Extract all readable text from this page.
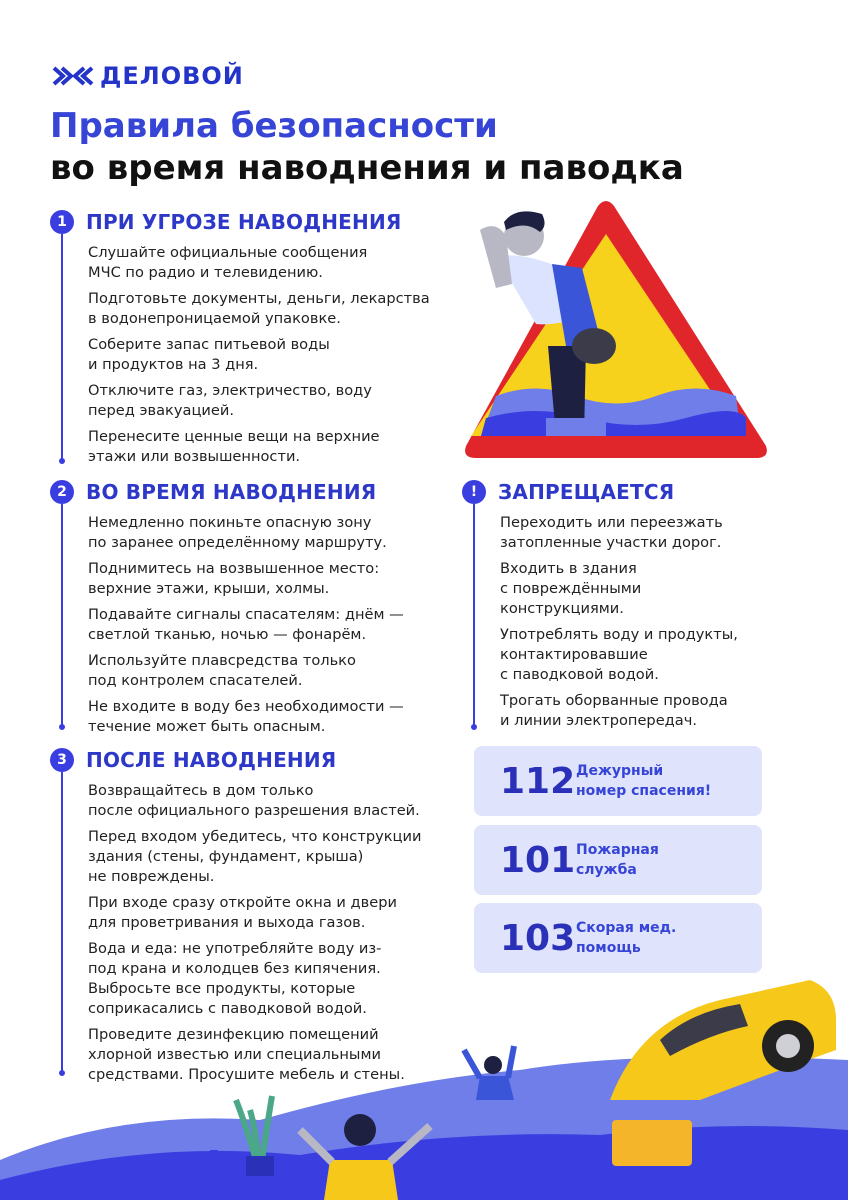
ДЕЛОВОЙ
Правила безопасности
во время наводнения и паводка
1 ПРИ УГРОЗЕ НАВОДНЕНИЯ
Слушайте официальные сообщения
МЧС по радио и телевидению.
Подготовьте документы, деньги, лекарства
в водонепроницаемой упаковке.
Соберите запас питьевой воды
и продуктов на 3 дня.
Отключите газ, электричество, воду
перед эвакуацией.
Перенесите ценные вещи на верхние
этажи или возвышенности.
2 ВО ВРЕМЯ НАВОДНЕНИЯ
Немедленно покиньте опасную зону
по заранее определённому маршруту.
Поднимитесь на возвышенное место:
верхние этажи, крыши, холмы.
Подавайте сигналы спасателям: днём —
светлой тканью, ночью — фонарём.
Используйте плавсредства только
под контролем спасателей.
Не входите в воду без необходимости —
течение может быть опасным.
!	ЗАПРЕЩАЕТСЯ
Переходить или переезжать
затопленные участки дорог.
Входить в здания
с повреждёнными
конструкциями.
Употреблять воду и продукты,
контактировавшие
с паводковой водой.
Трогать оборванные провода
и линии электропередач.
3 ПОСЛЕ НАВОДНЕНИЯ
Возвращайтесь в дом только
после официального разрешения властей.
Перед входом убедитесь, что конструкции
здания (стены, фундамент, крыша)
не повреждены.
При входе сразу откройте окна и двери
для проветривания и выхода газов.
Вода и еда: не употребляйте воду из-
под крана и колодцев без кипячения.
Выбросьте все продукты, которые
соприкасались с паводковой водой.
Проведите дезинфекцию помещений
хлорной известью или специальными
средствами. Просушите мебель и стены.
112 Дежурный
номер спасения!
101 Пожарная
служба
103 Скорая мед.
помощь
